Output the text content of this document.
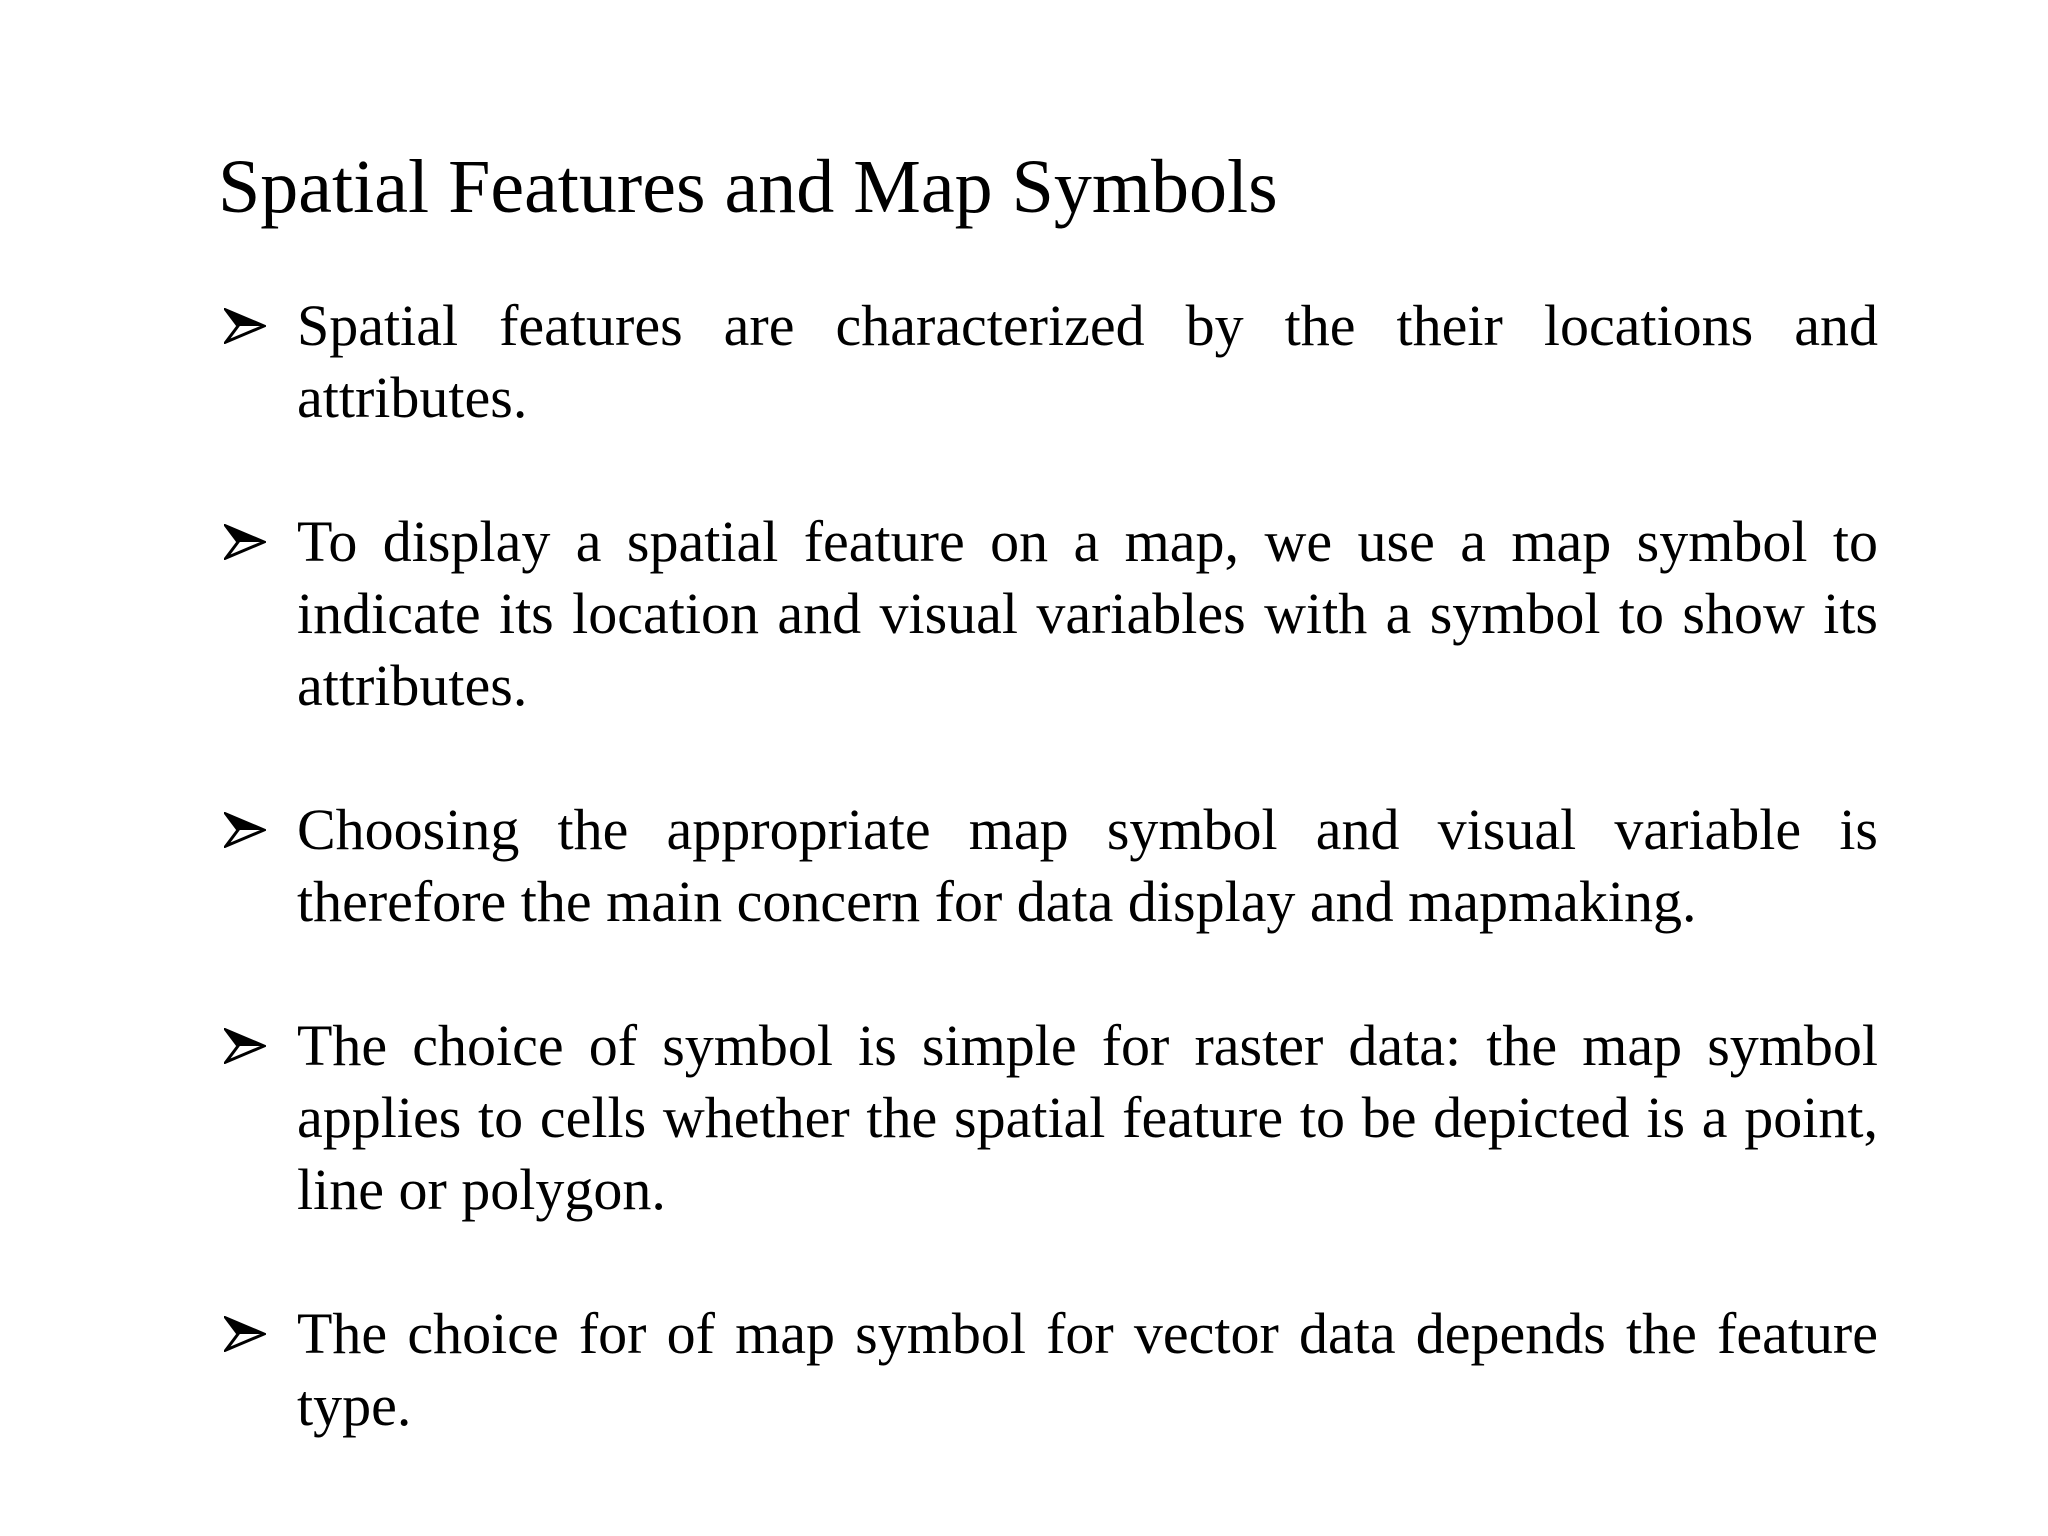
Spatial Features and Map Symbols
Spatial features are characterized by the their locations and attributes.
To display a spatial feature on a map, we use a map symbol to indicate its location and visual variables with a symbol to show its attributes.
Choosing the appropriate map symbol and visual variable is therefore the main concern for data display and mapmaking.
The choice of symbol is simple for raster data: the map symbol applies to cells whether the spatial feature to be depicted is a point, line or polygon.
The choice for of map symbol for vector data depends the feature type.
